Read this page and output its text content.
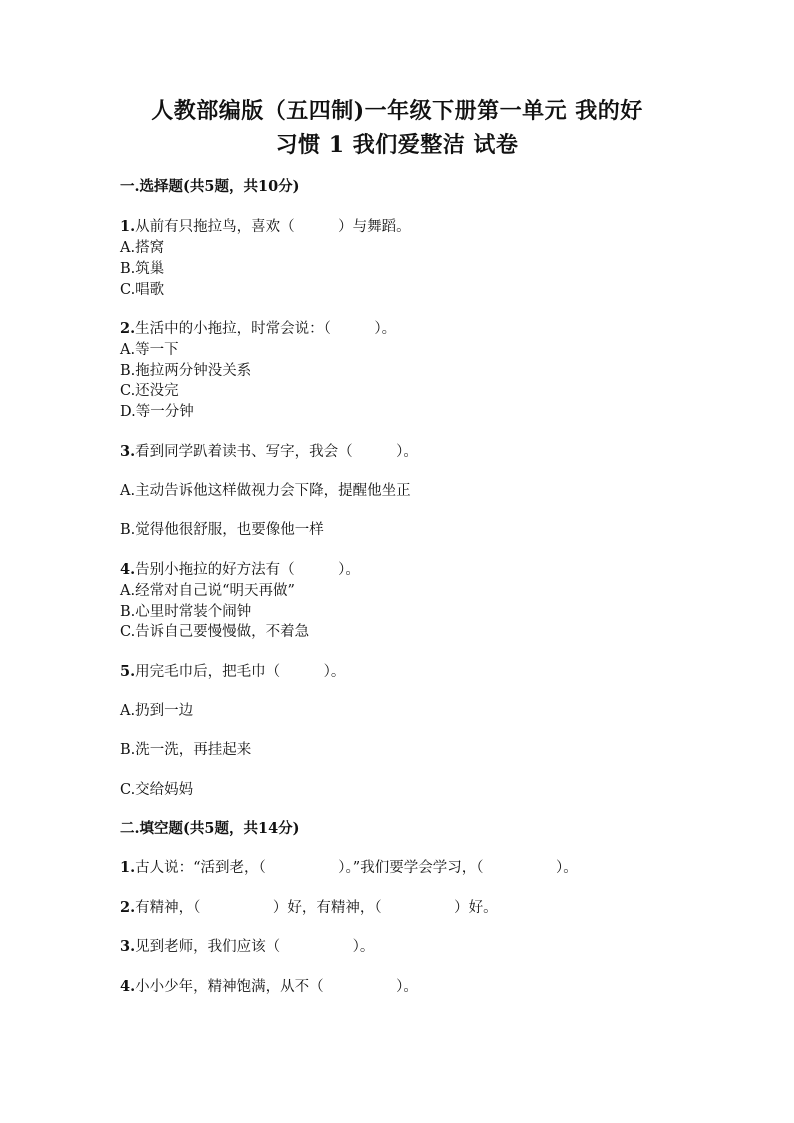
人教部编版（五四制)一年级下册第一单元 我的好
习惯 1 我们爱整洁 试卷
一.选择题(共5题，共10分)
1.从前有只拖拉鸟，喜欢（　　　）与舞蹈。
A.搭窝
B.筑巢
C.唱歌
2.生活中的小拖拉，时常会说：（　　　）。
A.等一下
B.拖拉两分钟没关系
C.还没完
D.等一分钟
3.看到同学趴着读书、写字，我会（　　　）。
A.主动告诉他这样做视力会下降，提醒他坐正
B.觉得他很舒服，也要像他一样
4.告别小拖拉的好方法有（　　　）。
A.经常对自己说“明天再做”
B.心里时常装个闹钟
C.告诉自己要慢慢做，不着急
5.用完毛巾后，把毛巾（　　　）。
A.扔到一边
B.洗一洗，再挂起来
C.交给妈妈
二.填空题(共5题，共14分)
1.古人说：“活到老，（　　　　　）。”我们要学会学习，（　　　　　）。
2.有精神，（　　　　　）好，有精神，（　　　　　）好。
3.见到老师，我们应该（　　　　　）。
4.小小少年，精神饱满，从不（　　　　　）。
